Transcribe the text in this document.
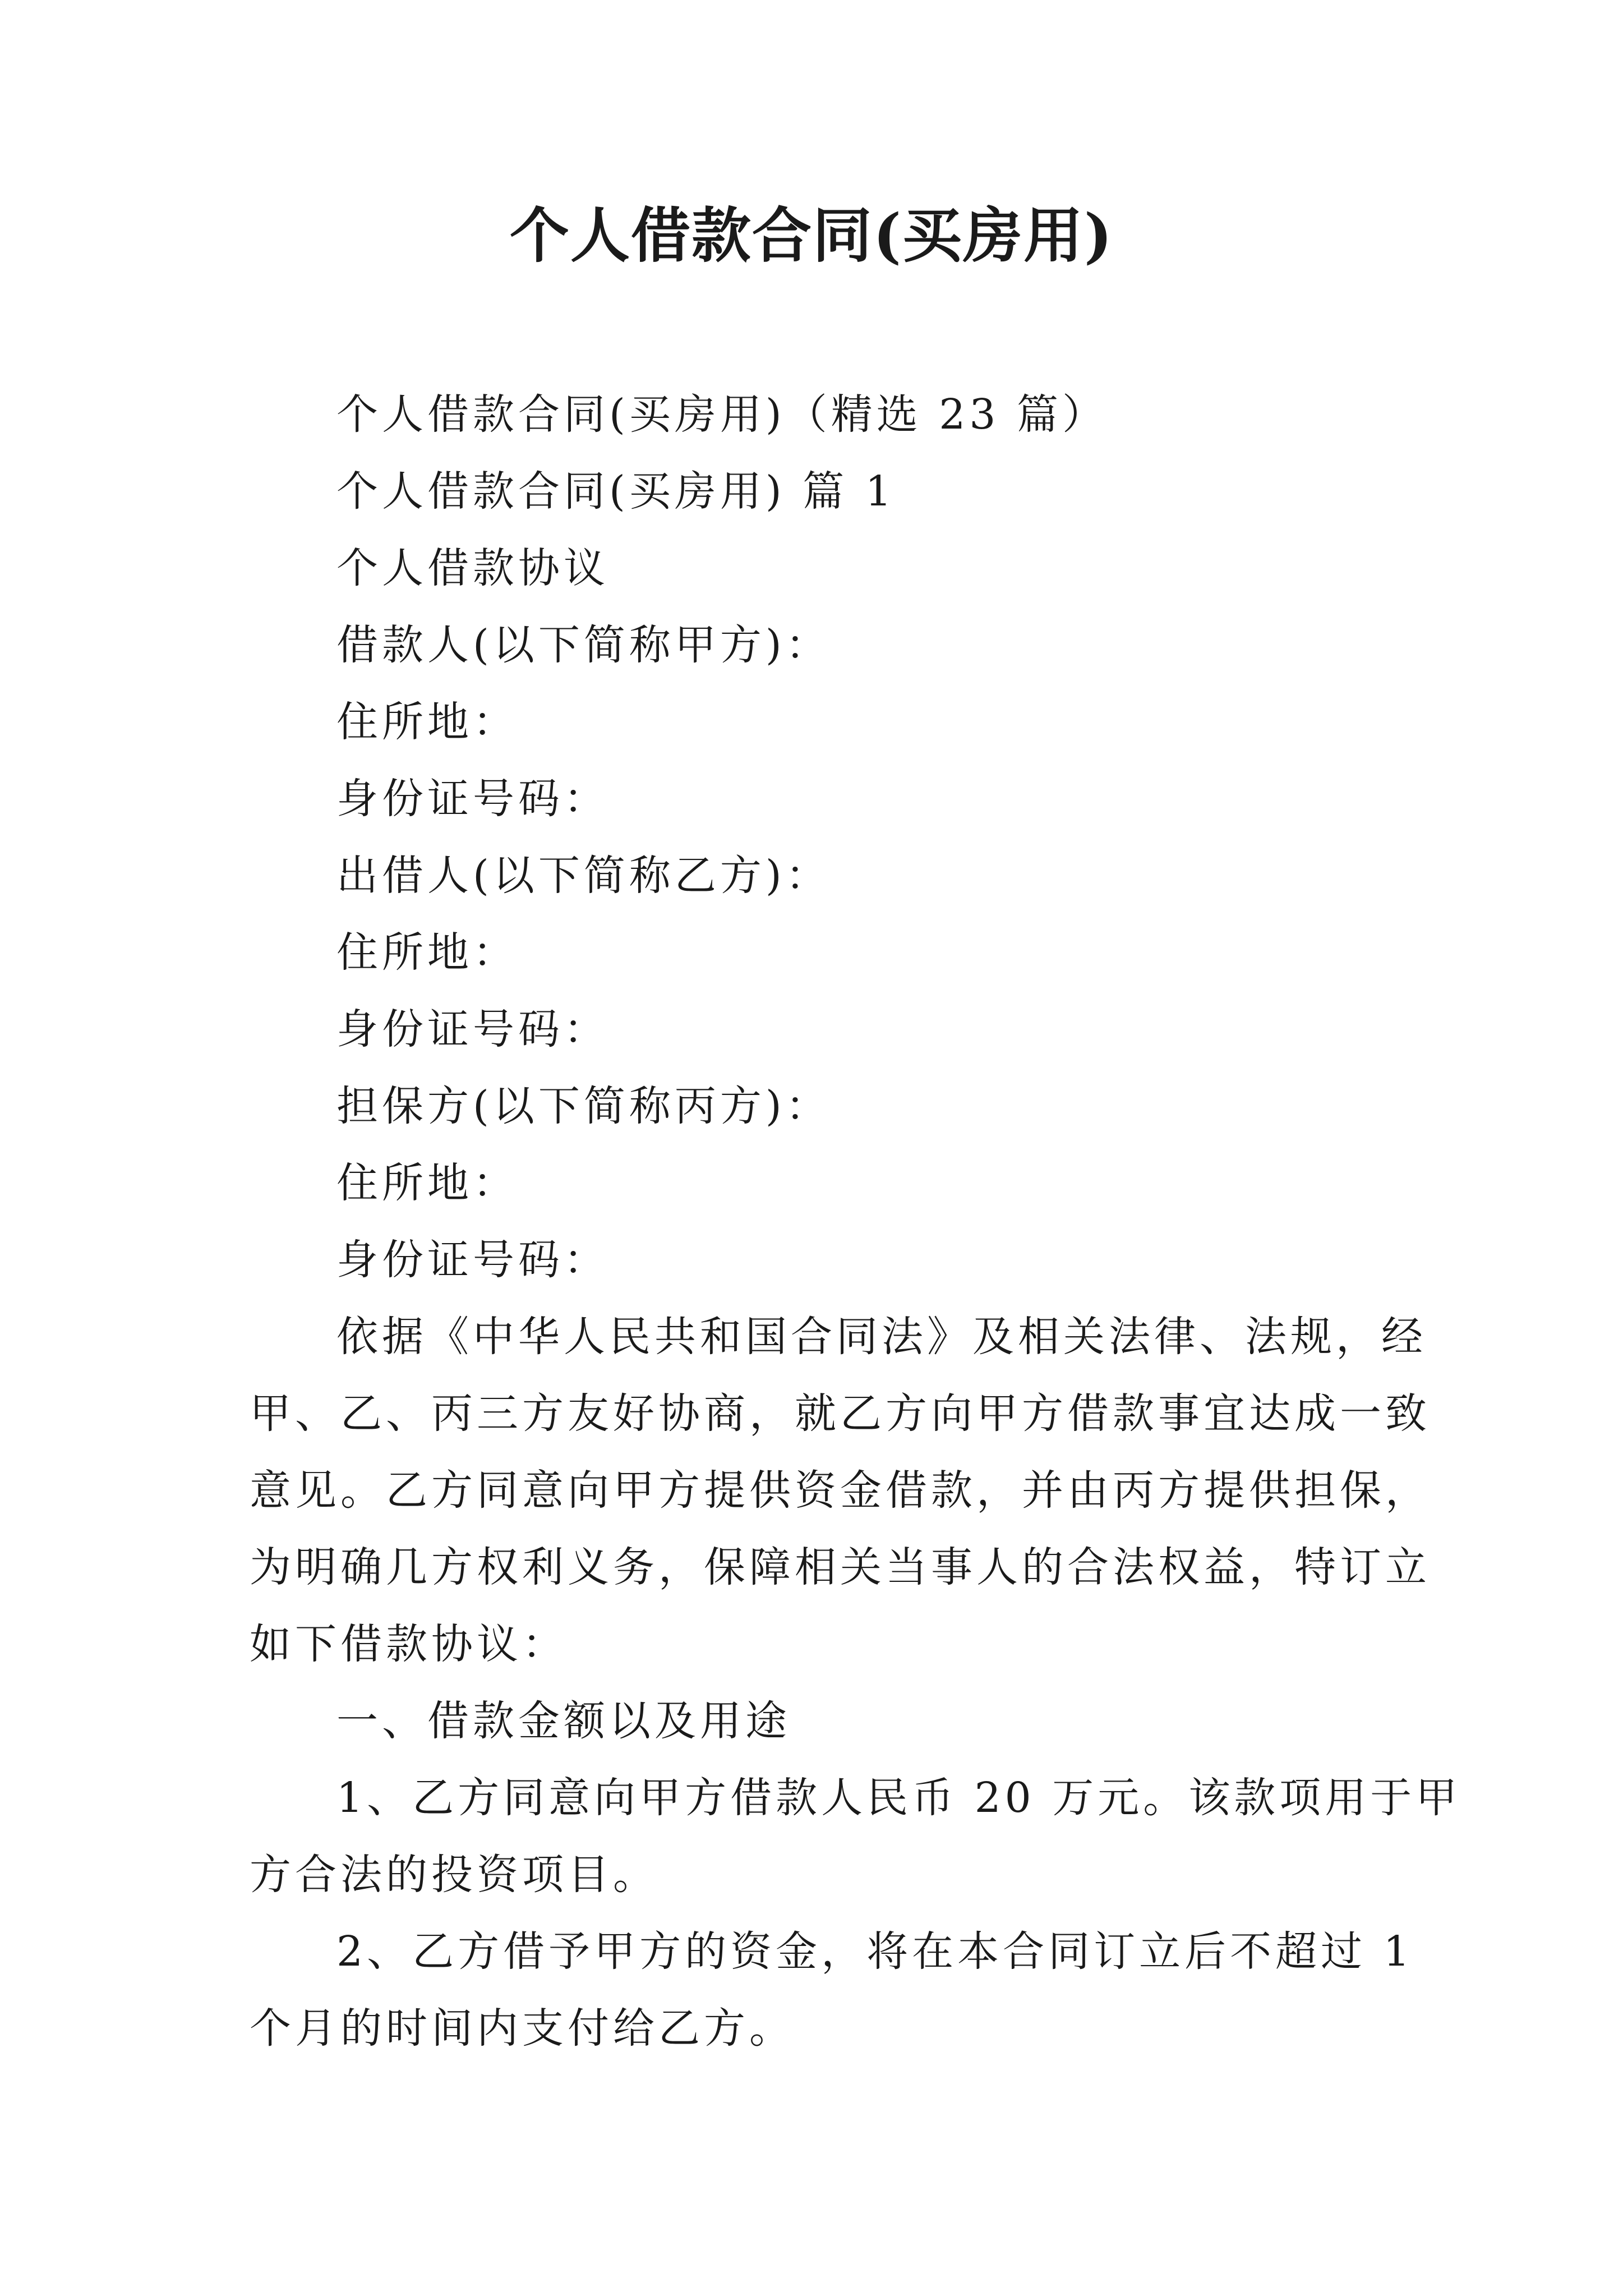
个人借款合同(买房用)

个人借款合同(买房用)（精选 23 篇）

个人借款合同(买房用) 篇 1

个人借款协议

借款人(以下简称甲方)：

住所地：

身份证号码：

出借人(以下简称乙方)：

住所地：

身份证号码：

担保方(以下简称丙方)：

住所地：

身份证号码：

依据《中华人民共和国合同法》及相关法律、法规，经

甲、乙、丙三方友好协商，就乙方向甲方借款事宜达成一致

意见。乙方同意向甲方提供资金借款，并由丙方提供担保，

为明确几方权利义务，保障相关当事人的合法权益，特订立

如下借款协议：

一、借款金额以及用途

1、乙方同意向甲方借款人民币 20 万元。该款项用于甲

方合法的投资项目。

2、乙方借予甲方的资金，将在本合同订立后不超过 1

个月的时间内支付给乙方。
